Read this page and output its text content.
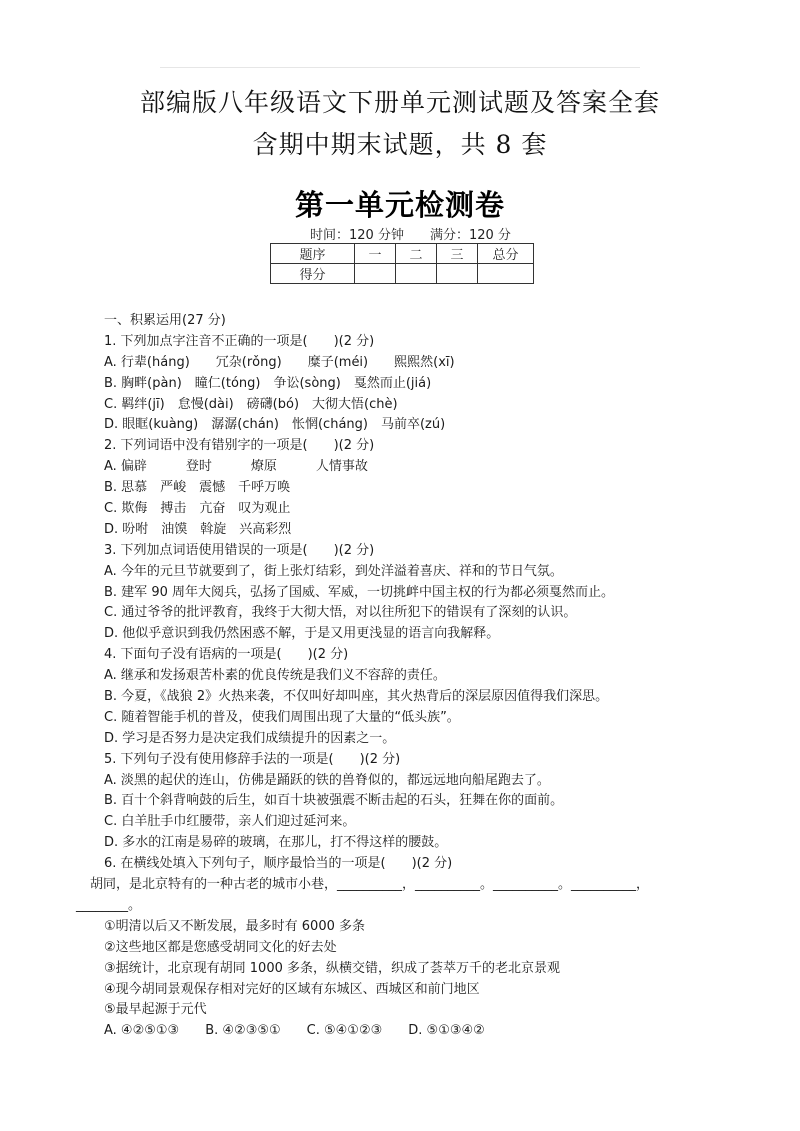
部编版八年级语文下册单元测试题及答案全套
含期中期末试题，共 8 套
第一单元检测卷
时间：120 分钟 满分：120 分
题序	一	二	三	总分
得分				
一、积累运用(27 分)
1. 下列加点字注音不正确的一项是(　　)(2 分)
A. 行辈(háng)　　冗杂(rǒng)　　糜子(méi)　　熙熙然(xī)
B. 胸畔(pàn)　瞳仁(tóng)　争讼(sòng)　戛然而止(jiá)
C. 羁绊(jī)　怠慢(dài)　磅礴(bó)　大彻大悟(chè)
D. 眼眶(kuàng)　潺潺(chán)　怅惘(cháng)　马前卒(zú)
2. 下列词语中没有错别字的一项是(　　)(2 分)
A. 偏辟　　　登时　　　燎原　　　人情事故
B. 思慕　严峻　震憾　千呼万唤
C. 欺侮　搏击　亢奋　叹为观止
D. 吩咐　油馍　斡旋　兴高彩烈
3. 下列加点词语使用错误的一项是(　　)(2 分)
A. 今年的元旦节就要到了，街上张灯结彩，到处洋溢着喜庆、祥和的节日气氛。
B. 建军 90 周年大阅兵，弘扬了国威、军威，一切挑衅中国主权的行为都必须戛然而止。
C. 通过爷爷的批评教育，我终于大彻大悟，对以往所犯下的错误有了深刻的认识。
D. 他似乎意识到我仍然困惑不解，于是又用更浅显的语言向我解释。
4. 下面句子没有语病的一项是(　　)(2 分)
A. 继承和发扬艰苦朴素的优良传统是我们义不容辞的责任。
B. 今夏，《战狼 2》火热来袭，不仅叫好却叫座，其火热背后的深层原因值得我们深思。
C. 随着智能手机的普及，使我们周围出现了大量的“低头族”。
D. 学习是否努力是决定我们成绩提升的因素之一。
5. 下列句子没有使用修辞手法的一项是(　　)(2 分)
A. 淡黑的起伏的连山，仿佛是踊跃的铁的兽脊似的，都远远地向船尾跑去了。
B. 百十个斜背响鼓的后生，如百十块被强震不断击起的石头，狂舞在你的面前。
C. 白羊肚手巾红腰带，亲人们迎过延河来。
D. 多水的江南是易碎的玻璃，在那儿，打不得这样的腰鼓。
6. 在横线处填入下列句子，顺序最恰当的一项是(　　)(2 分)
胡同，是北京特有的一种古老的城市小巷，__________，__________。__________。__________，
________。
①明清以后又不断发展，最多时有 6000 多条
②这些地区都是您感受胡同文化的好去处
③据统计，北京现有胡同 1000 多条，纵横交错，织成了荟萃万千的老北京景观
④现今胡同景观保存相对完好的区域有东城区、西城区和前门地区
⑤最早起源于元代
A. ④②⑤①③　　B. ④②③⑤①　　C. ⑤④①②③　　D. ⑤①③④②
